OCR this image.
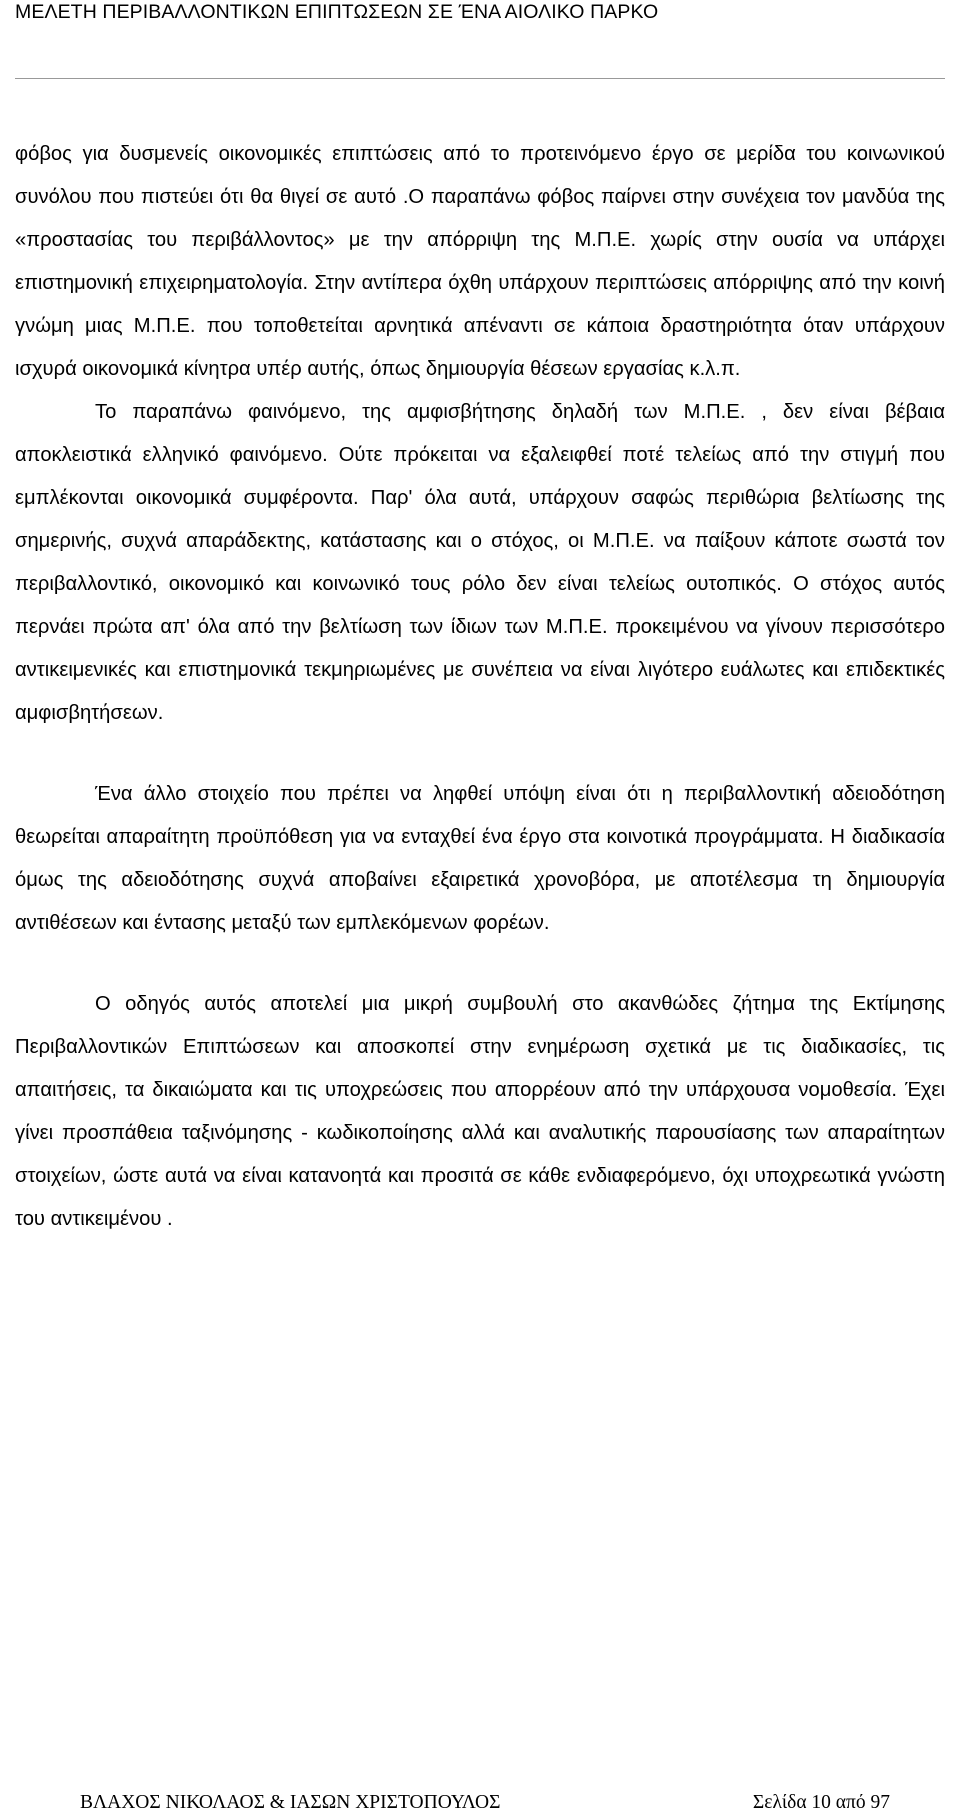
ΜΕΛΕΤΗ ΠΕΡΙΒΑΛΛΟΝΤΙΚΩΝ ΕΠΙΠΤΩΣΕΩΝ ΣΕ ΈΝΑ ΑΙΟΛΙΚΟ ΠΑΡΚΟ

φόβος για δυσμενείς οικονομικές επιπτώσεις από το προτεινόμενο έργο σε μερίδα του κοινωνικού συνόλου που πιστεύει ότι θα θιγεί σε αυτό .Ο παραπάνω φόβος παίρνει στην συνέχεια τον μανδύα της «προστασίας του περιβάλλοντος» με την απόρριψη της Μ.Π.Ε. χωρίς στην ουσία να υπάρχει επιστημονική επιχειρηματολογία. Στην αντίπερα όχθη υπάρχουν περιπτώσεις απόρριψης από την κοινή γνώμη μιας Μ.Π.Ε. που τοποθετείται αρνητικά απέναντι σε κάποια δραστηριότητα όταν υπάρχουν ισχυρά οικονομικά κίνητρα υπέρ αυτής, όπως δημιουργία θέσεων εργασίας κ.λ.π.

Το παραπάνω φαινόμενο, της αμφισβήτησης δηλαδή των Μ.Π.Ε. , δεν είναι βέβαια αποκλειστικά ελληνικό φαινόμενο. Ούτε πρόκειται να εξαλειφθεί ποτέ τελείως από την στιγμή που εμπλέκονται οικονομικά συμφέροντα. Παρ' όλα αυτά, υπάρχουν σαφώς περιθώρια βελτίωσης της σημερινής, συχνά απαράδεκτης, κατάστασης και ο στόχος, οι Μ.Π.Ε. να παίξουν κάποτε σωστά τον περιβαλλοντικό, οικονομικό και κοινωνικό τους ρόλο δεν είναι τελείως ουτοπικός. Ο στόχος αυτός περνάει πρώτα απ' όλα από την βελτίωση των ίδιων των Μ.Π.Ε. προκειμένου να γίνουν περισσότερο αντικειμενικές και επιστημονικά τεκμηριωμένες με συνέπεια να είναι λιγότερο ευάλωτες και επιδεκτικές αμφισβητήσεων.

Ένα άλλο στοιχείο που πρέπει να ληφθεί υπόψη είναι ότι η περιβαλλοντική αδειοδότηση θεωρείται απαραίτητη προϋπόθεση για να ενταχθεί ένα έργο στα κοινοτικά προγράμματα. Η διαδικασία όμως της αδειοδότησης συχνά αποβαίνει εξαιρετικά χρονοβόρα, με αποτέλεσμα τη δημιουργία αντιθέσεων και έντασης μεταξύ των εμπλεκόμενων φορέων.

Ο οδηγός αυτός αποτελεί μια μικρή συμβουλή στο ακανθώδες ζήτημα της Εκτίμησης Περιβαλλοντικών Επιπτώσεων και αποσκοπεί στην ενημέρωση σχετικά με τις διαδικασίες, τις απαιτήσεις, τα δικαιώματα και τις υποχρεώσεις που απορρέουν από την υπάρχουσα νομοθεσία. Έχει γίνει προσπάθεια ταξινόμησης - κωδικοποίησης αλλά και αναλυτικής παρουσίασης των απαραίτητων στοιχείων, ώστε αυτά να είναι κατανοητά και προσιτά σε κάθε ενδιαφερόμενο, όχι υποχρεωτικά γνώστη του αντικειμένου .

ΒΛΑΧΟΣ ΝΙΚΟΛΑΟΣ & ΙΑΣΩΝ ΧΡΙΣΤΟΠΟΥΛΟΣ	Σελίδα 10 από 97
